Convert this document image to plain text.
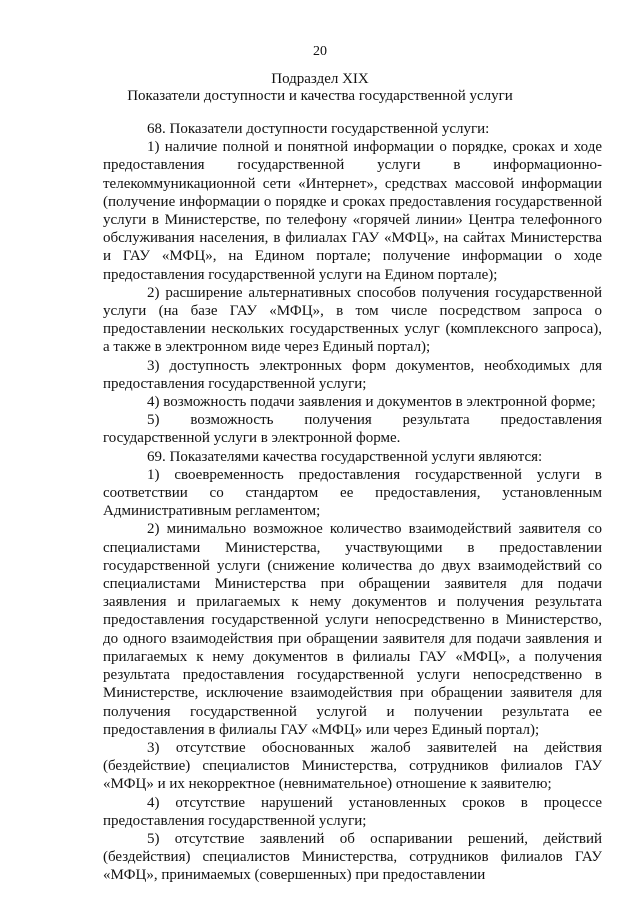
20
Подраздел XIX
Показатели доступности и качества государственной услуги

68. Показатели доступности государственной услуги:

1) наличие полной и понятной информации о порядке, сроках и ходе предоставления государственной услуги в информационно-телекоммуникационной сети «Интернет», средствах массовой информации (получение информации о порядке и сроках предоставления государственной услуги в Министерстве, по телефону «горячей линии» Центра телефонного обслуживания населения, в филиалах ГАУ «МФЦ», на сайтах Министерства и ГАУ «МФЦ», на Едином портале; получение информации о ходе предоставления государственной услуги на Едином портале);

2) расширение альтернативных способов получения государственной услуги (на базе ГАУ «МФЦ», в том числе посредством запроса о предоставлении нескольких государственных услуг (комплексного запроса), а также в электронном виде через Единый портал);

3) доступность электронных форм документов, необходимых для предоставления государственной услуги;

4) возможность подачи заявления и документов в электронной форме;

5) возможность получения результата предоставления государственной услуги в электронной форме.

69. Показателями качества государственной услуги являются:

1) своевременность предоставления государственной услуги в соответствии со стандартом ее предоставления, установленным Административным регламентом;

2) минимально возможное количество взаимодействий заявителя со специалистами Министерства, участвующими в предоставлении государственной услуги (снижение количества до двух взаимодействий со специалистами Министерства при обращении заявителя для подачи заявления и прилагаемых к нему документов и получения результата предоставления государственной услуги непосредственно в Министерство, до одного взаимодействия при обращении заявителя для подачи заявления и прилагаемых к нему документов в филиалы ГАУ «МФЦ», а получения результата предоставления государственной услуги непосредственно в Министерстве, исключение взаимодействия при обращении заявителя для получения государственной услугой и получении результата ее предоставления в филиалы ГАУ «МФЦ» или через Единый портал);

3) отсутствие обоснованных жалоб заявителей на действия (бездействие) специалистов Министерства, сотрудников филиалов ГАУ «МФЦ» и их некорректное (невнимательное) отношение к заявителю;

4) отсутствие нарушений установленных сроков в процессе предоставления государственной услуги;

5) отсутствие заявлений об оспаривании решений, действий (бездействия) специалистов Министерства, сотрудников филиалов ГАУ «МФЦ», принимаемых (совершенных) при предоставлении
